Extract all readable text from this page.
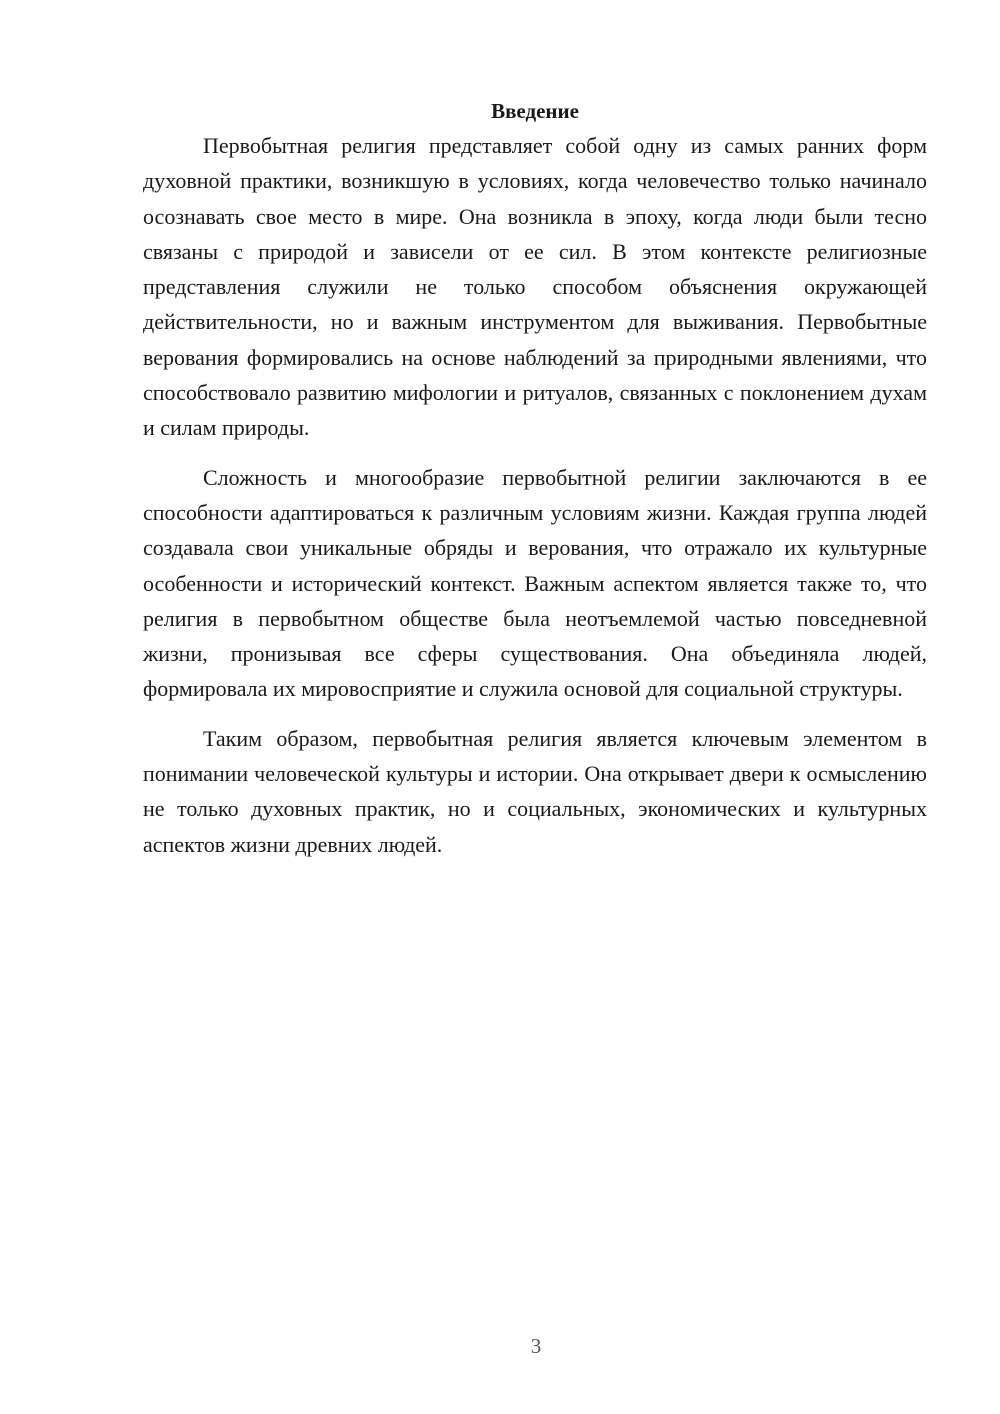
Введение

Первобытная религия представляет собой одну из самых ранних форм духовной практики, возникшую в условиях, когда человечество только начинало осознавать свое место в мире. Она возникла в эпоху, когда люди были тесно связаны с природой и зависели от ее сил. В этом контексте религиозные представления служили не только способом объяснения окружающей действительности, но и важным инструментом для выживания. Первобытные верования формировались на основе наблюдений за природными явлениями, что способствовало развитию мифологии и ритуалов, связанных с поклонением духам и силам природы.

Сложность и многообразие первобытной религии заключаются в ее способности адаптироваться к различным условиям жизни. Каждая группа людей создавала свои уникальные обряды и верования, что отражало их культурные особенности и исторический контекст. Важным аспектом является также то, что религия в первобытном обществе была неотъемлемой частью повседневной жизни, пронизывая все сферы существования. Она объединяла людей, формировала их мировосприятие и служила основой для социальной структуры.

Таким образом, первобытная религия является ключевым элементом в понимании человеческой культуры и истории. Она открывает двери к осмыслению не только духовных практик, но и социальных, экономических и культурных аспектов жизни древних людей.

3
